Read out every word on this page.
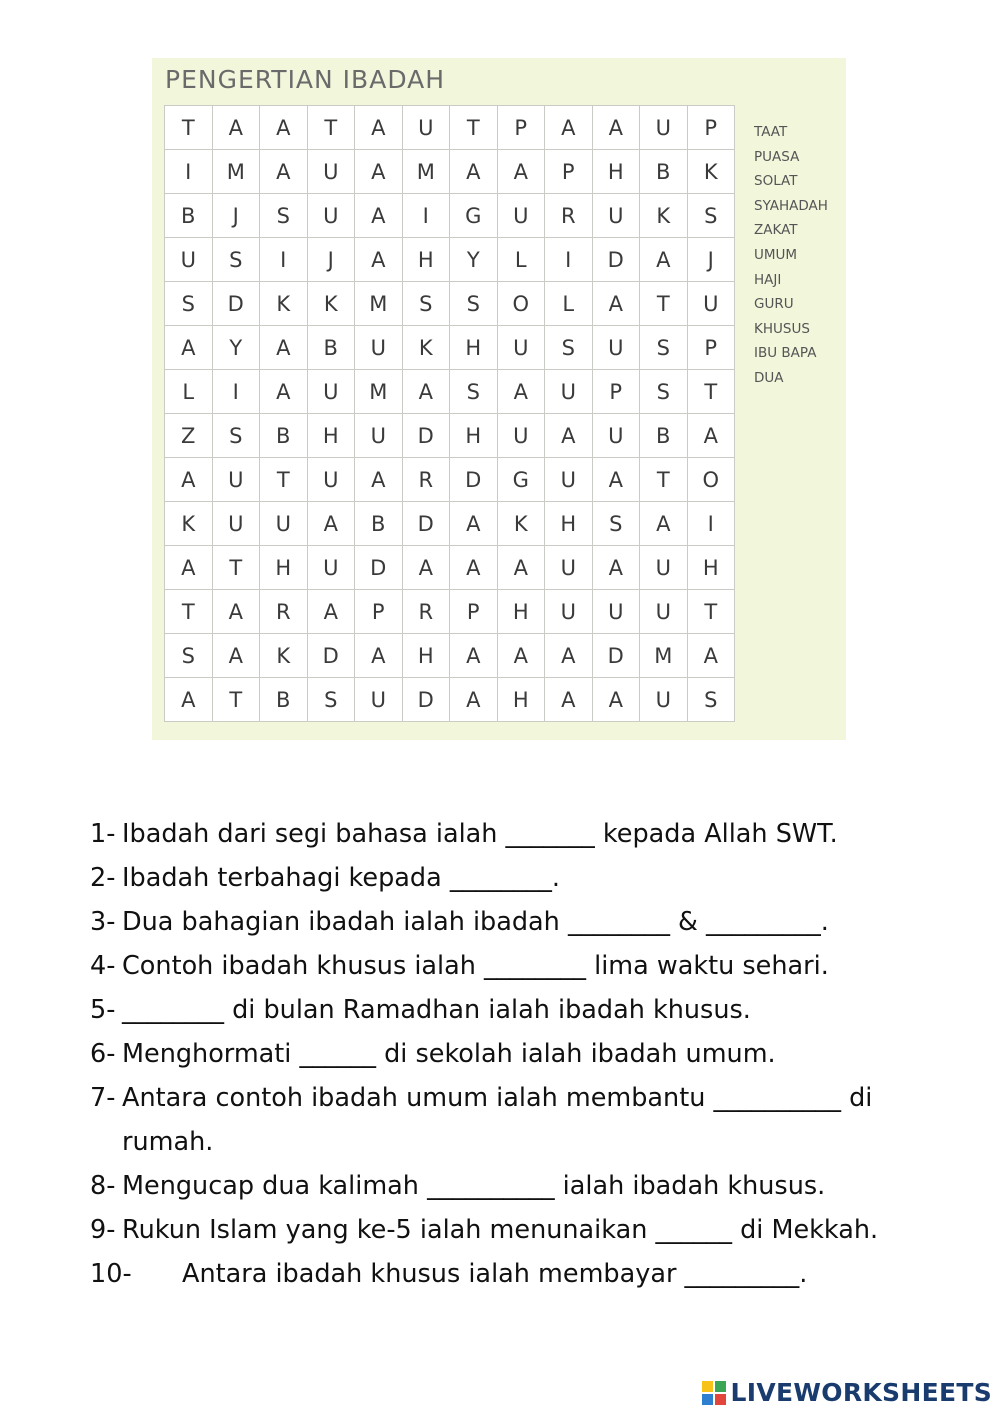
PENGERTIAN IBADAH
T	A	A	T	A	U	T	P	A	A	U	P
I	M	A	U	A	M	A	A	P	H	B	K
B	J	S	U	A	I	G	U	R	U	K	S
U	S	I	J	A	H	Y	L	I	D	A	J
S	D	K	K	M	S	S	O	L	A	T	U
A	Y	A	B	U	K	H	U	S	U	S	P
L	I	A	U	M	A	S	A	U	P	S	T
Z	S	B	H	U	D	H	U	A	U	B	A
A	U	T	U	A	R	D	G	U	A	T	O
K	U	U	A	B	D	A	K	H	S	A	I
A	T	H	U	D	A	A	A	U	A	U	H
T	A	R	A	P	R	P	H	U	U	U	T
S	A	K	D	A	H	A	A	A	D	M	A
A	T	B	S	U	D	A	H	A	A	U	S
TAAT
PUASA
SOLAT
SYAHADAH
ZAKAT
UMUM
HAJI
GURU
KHUSUS
IBU BAPA
DUA
1- Ibadah dari segi bahasa ialah _______ kepada Allah SWT.
2- Ibadah terbahagi kepada ________.
3- Dua bahagian ibadah ialah ibadah ________ & _________.
4- Contoh ibadah khusus ialah ________ lima waktu sehari.
5- ________ di bulan Ramadhan ialah ibadah khusus.
6- Menghormati ______ di sekolah ialah ibadah umum.
7- Antara contoh ibadah umum ialah membantu __________ di rumah.
8- Mengucap dua kalimah __________ ialah ibadah khusus.
9- Rukun Islam yang ke-5 ialah menunaikan ______ di Mekkah.
10-	Antara ibadah khusus ialah membayar _________.
LIVEWORKSHEETS
